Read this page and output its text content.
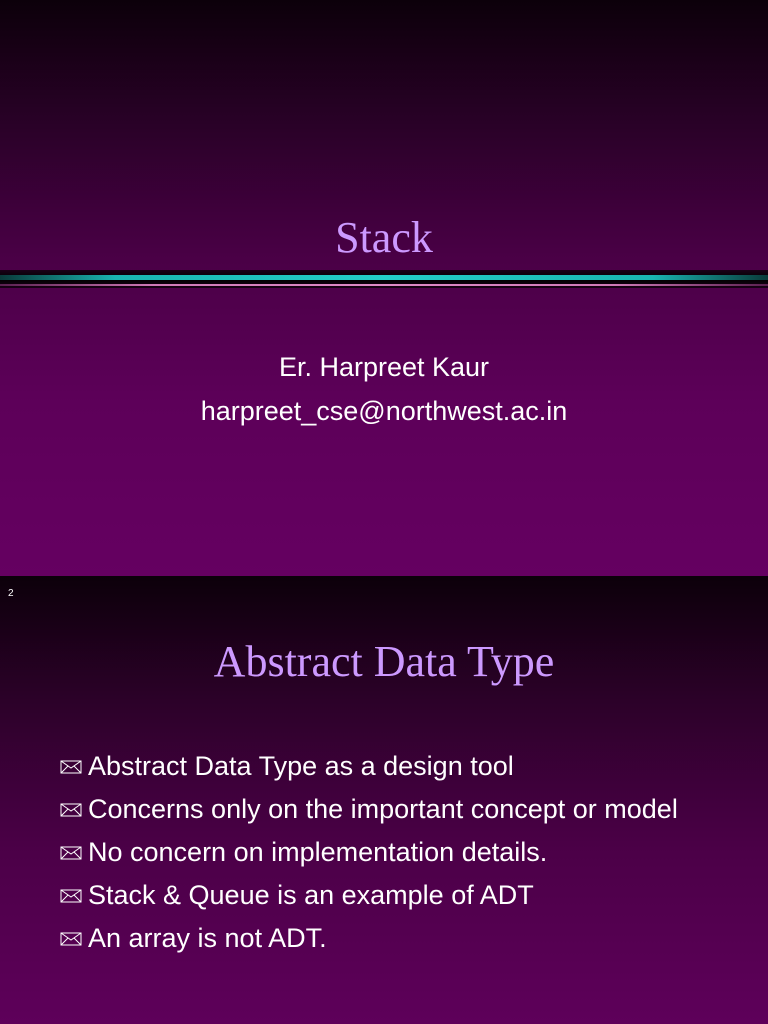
Stack
Er. Harpreet Kaur
harpreet_cse@northwest.ac.in
2
Abstract Data Type
Abstract Data Type as a design tool
Concerns only on the important concept or model
No concern on implementation details.
Stack & Queue is an example of ADT
An array is not ADT.
